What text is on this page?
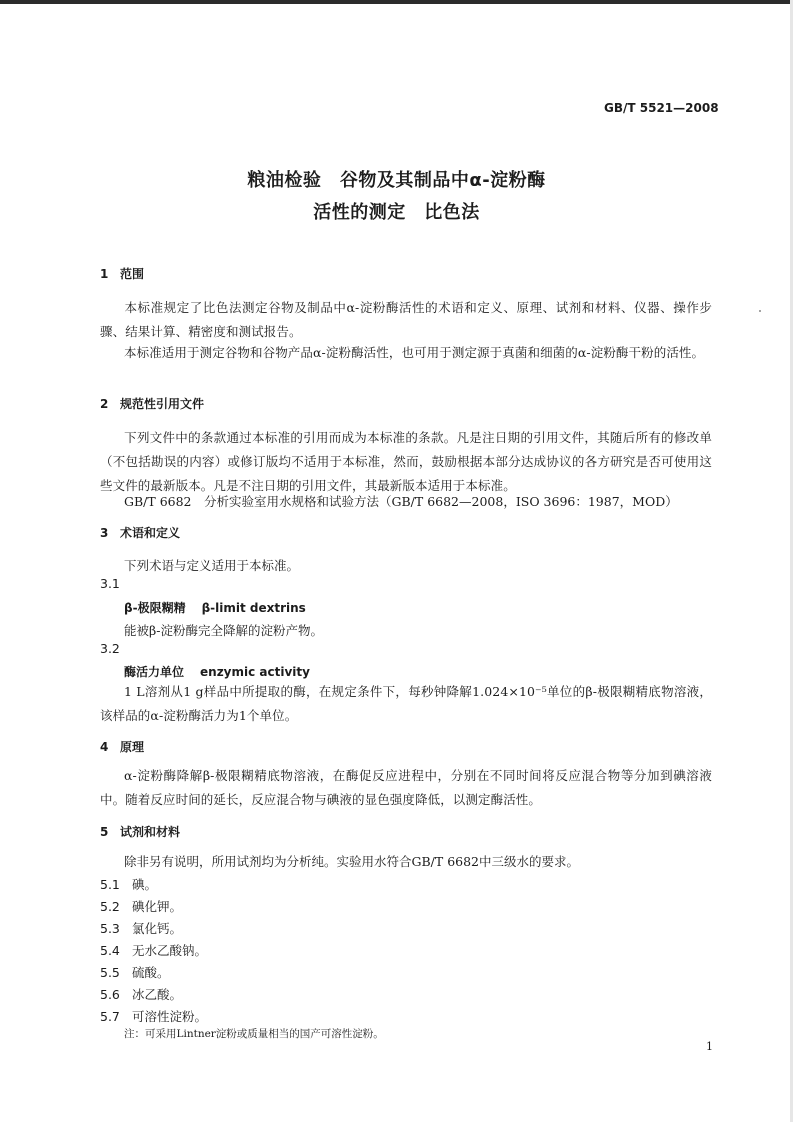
GB/T 5521—2008
粮油检验　谷物及其制品中α-淀粉酶
活性的测定　比色法
1 范围
本标准规定了比色法测定谷物及制品中α-淀粉酶活性的术语和定义、原理、试剂和材料、仪器、操作步骤、结果计算、精密度和测试报告。
本标准适用于测定谷物和谷物产品α-淀粉酶活性，也可用于测定源于真菌和细菌的α-淀粉酶干粉的活性。
2 规范性引用文件
下列文件中的条款通过本标准的引用而成为本标准的条款。凡是注日期的引用文件，其随后所有的修改单（不包括勘误的内容）或修订版均不适用于本标准，然而，鼓励根据本部分达成协议的各方研究是否可使用这些文件的最新版本。凡是不注日期的引用文件，其最新版本适用于本标准。
GB/T 6682　分析实验室用水规格和试验方法（GB/T 6682—2008，ISO 3696：1987，MOD）
3 术语和定义
下列术语与定义适用于本标准。
3.1
β-极限糊精 β-limit dextrins
能被β-淀粉酶完全降解的淀粉产物。
3.2
酶活力单位 enzymic activity
1 L溶剂从1 g样品中所提取的酶，在规定条件下，每秒钟降解1.024×10⁻⁵单位的β-极限糊精底物溶液，该样品的α-淀粉酶活力为1个单位。
4 原理
α-淀粉酶降解β-极限糊精底物溶液，在酶促反应进程中，分别在不同时间将反应混合物等分加到碘溶液中。随着反应时间的延长，反应混合物与碘液的显色强度降低，以测定酶活性。
5 试剂和材料
除非另有说明，所用试剂均为分析纯。实验用水符合GB/T 6682中三级水的要求。
5.1 碘。
5.2 碘化钾。
5.3 氯化钙。
5.4 无水乙酸钠。
5.5 硫酸。
5.6 冰乙酸。
5.7 可溶性淀粉。
注：可采用Lintner淀粉或质量相当的国产可溶性淀粉。
1
